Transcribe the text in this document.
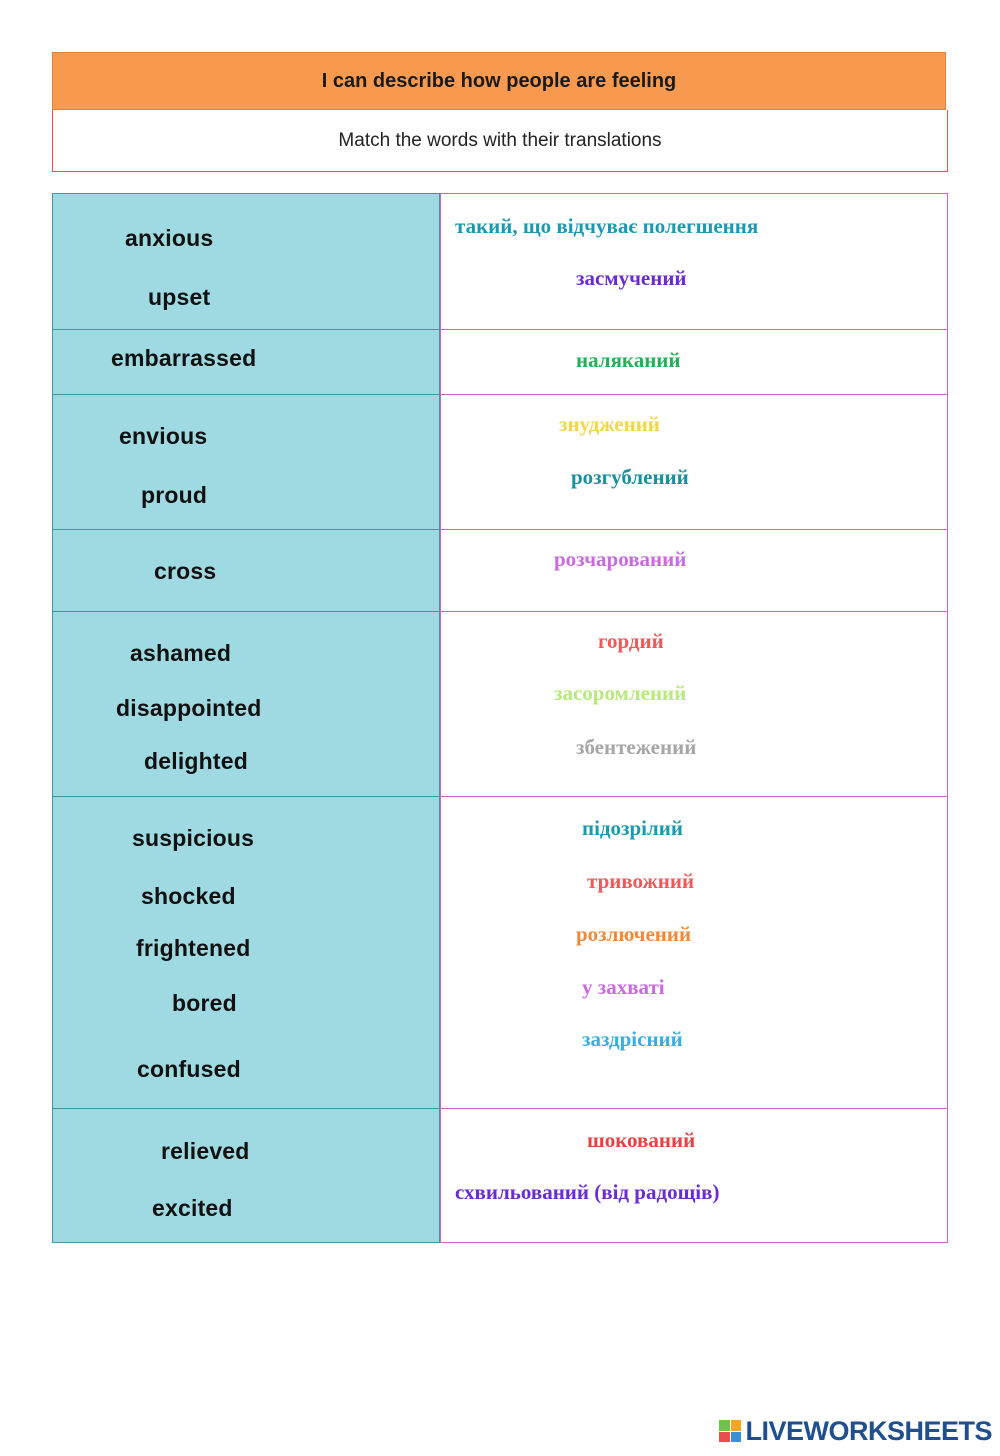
I can describe how people are feeling
Match the words with their translations
anxious
upset
такий, що відчуває полегшення
засмучений
embarrassed	наляканий
envious
proud
знуджений
розгублений
cross	розчарований
ashamed
disappointed
delighted
гордий
засоромлений
збентежений
suspicious
shocked
frightened
bored
confused
підозрілий
тривожний
розлючений
у захваті
заздрісний
relieved
excited
шокований
схвильований (від радощів)
LIVEWORKSHEETS
